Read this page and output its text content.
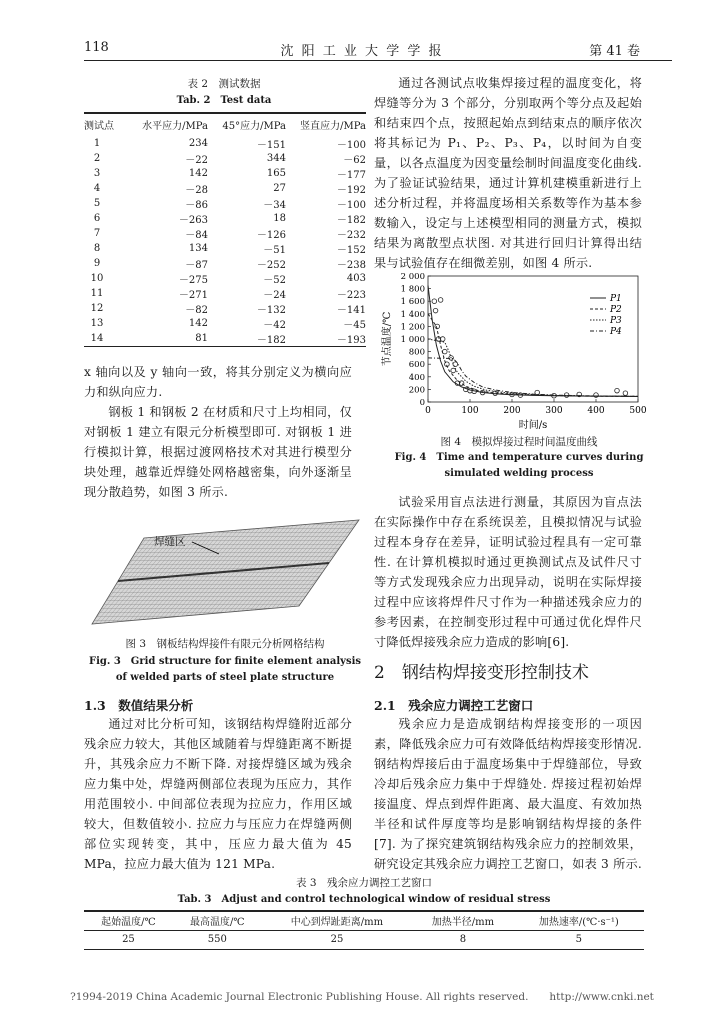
118	沈 阳 工 业 大 学 学 报	第 41 卷
表 2　测试数据
Tab. 2　Test data
测试点	水平应力/MPa	45°应力/MPa	竖直应力/MPa
1	234	－151	－100
2	－22	344	－62
3	142	165	－177
4	－28	27	－192
5	－86	－34	－100
6	－263	18	－182
7	－84	－126	－232
8	134	－51	－152
9	－87	－252	－238
10	－275	－52	403
11	－271	－24	－223
12	－82	－132	－141
13	142	－42	－45
14	81	－182	－193

x 轴向以及 y 轴向一致，将其分别定义为横向应力和纵向应力.

钢板 1 和钢板 2 在材质和尺寸上均相同，仅对钢板 1 建立有限元分析模型即可. 对钢板 1 进行模拟计算，根据过渡网格技术对其进行模型分块处理，越靠近焊缝处网格越密集，向外逐渐呈现分散趋势，如图 3 所示.

焊缝区
图 3　钢板结构焊接件有限元分析网格结构
Fig. 3　Grid structure for finite element analysis
of welded parts of steel plate structure
1.3　数值结果分析

通过对比分析可知，该钢结构焊缝附近部分残余应力较大，其他区域随着与焊缝距离不断提升，其残余应力不断下降. 对接焊缝区域为残余应力集中处，焊缝两侧部位表现为压应力，其作用范围较小. 中间部位表现为拉应力，作用区域较大，但数值较小. 拉应力与压应力在焊缝两侧部位实现转变，其中，压应力最大值为 45 MPa，拉应力最大值为 121 MPa.

通过各测试点收集焊接过程的温度变化，将焊缝等分为 3 个部分，分别取两个等分点及起始和结束四个点，按照起始点到结束点的顺序依次将其标记为 P₁、P₂、P₃、P₄，以时间为自变量，以各点温度为因变量绘制时间温度变化曲线. 为了验证试验结果，通过计算机建模重新进行上述分析过程，并将温度场相关系数等作为基本参数输入，设定与上述模型相同的测量方式，模拟结果为离散型点状图. 对其进行回归计算得出结果与试验值存在细微差别，如图 4 所示.

0
200
400
600
800
1 000
1 200
1 400
1 600
1 800
2 000
0	100	200	300	400	500
时间/s
节点温度/℃
P1
P2
P3
P4
图 4　模拟焊接过程时间温度曲线
Fig. 4　Time and temperature curves during
simulated welding process

试验采用盲点法进行测量，其原因为盲点法在实际操作中存在系统误差，且模拟情况与试验过程本身存在差异，证明试验过程具有一定可靠性. 在计算机模拟时通过更换测试点及试件尺寸等方式发现残余应力出现异动，说明在实际焊接过程中应该将焊件尺寸作为一种描述残余应力的参考因素，在控制变形过程中可通过优化焊件尺寸降低焊接残余应力造成的影响[6].

2　钢结构焊接变形控制技术
2.1　残余应力调控工艺窗口

残余应力是造成钢结构焊接变形的一项因素，降低残余应力可有效降低结构焊接变形情况. 钢结构焊接后由于温度场集中于焊缝部位，导致冷却后残余应力集中于焊缝处. 焊接过程初始焊接温度、焊点到焊件距离、最大温度、有效加热半径和试件厚度等均是影响钢结构焊接的条件[7]. 为了探究建筑钢结构残余应力的控制效果，研究设定其残余应力调控工艺窗口，如表 3 所示.

表 3　残余应力调控工艺窗口
Tab. 3　Adjust and control technological window of residual stress
起始温度/℃	最高温度/℃	中心到焊趾距离/mm	加热半径/mm	加热速率/(℃·s⁻¹)

25	550	25	8	5
?1994-2019 China Academic Journal Electronic Publishing House. All rights reserved.　　http://www.cnki.net
